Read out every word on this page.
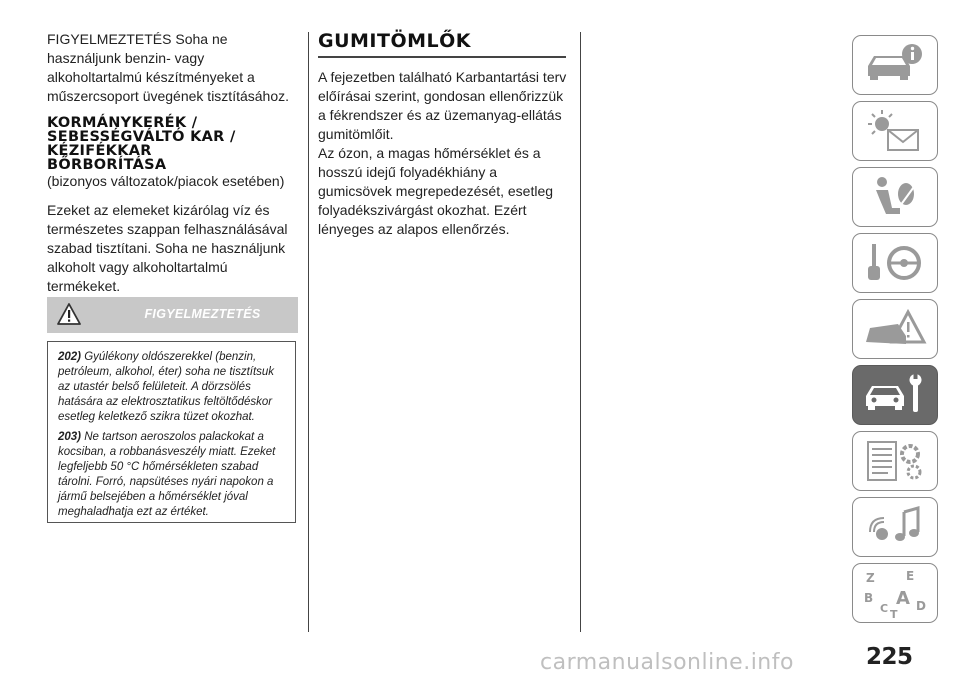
FIGYELMEZTETÉS Soha ne
használjunk benzin- vagy
alkoholtartalmú készítményeket a
műszercsoport üvegének tisztításához.

KORMÁNYKERÉK /
SEBESSÉGVÁLTÓ KAR /
KÉZIFÉKKAR
BŐRBORÍTÁSA

(bizonyos változatok/piacok esetében)

Ezeket az elemeket kizárólag víz és
természetes szappan felhasználásával
szabad tisztítani. Soha ne használjunk
alkoholt vagy alkoholtartalmú
termékeket.

FIGYELMEZTETÉS

202) Gyúlékony oldószerekkel (benzin,
petróleum, alkohol, éter) soha ne tisztítsuk
az utastér belső felületeit. A dörzsölés
hatására az elektrosztatikus feltöltődéskor
esetleg keletkező szikra tüzet okozhat.

203) Ne tartson aeroszolos palackokat a
kocsiban, a robbanásveszély miatt. Ezeket
legfeljebb 50 °C hőmérsékleten szabad
tárolni. Forró, napsütéses nyári napokon a
jármű belsejében a hőmérséklet jóval
meghaladhatja ezt az értéket.

GUMITÖMLŐK

A fejezetben található Karbantartási terv
előírásai szerint, gondosan ellenőrizzük
a fékrendszer és az üzemanyag-ellátás
gumitömlőit.
Az ózon, a magas hőmérséklet és a
hosszú idejű folyadékhiány a
gumicsövek megrepedezését, esetleg
folyadékszivárgást okozhat. Ezért
lényeges az alapos ellenőrzés.

Z	E
B A
C D
T
carmanualsonline.info	225
